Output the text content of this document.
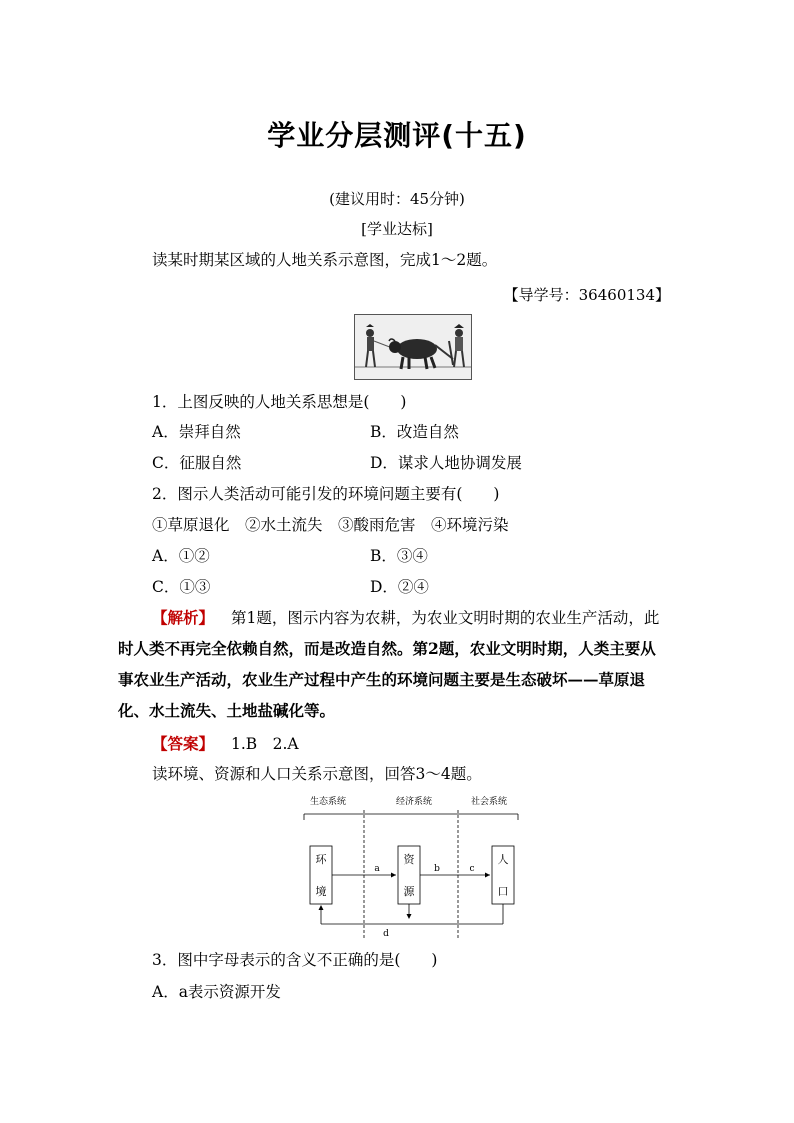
学业分层测评(十五)
(建议用时：45分钟)
[学业达标]
读某时期某区域的人地关系示意图，完成1～2题。
【导学号：36460134】
1．上图反映的人地关系思想是(　　)
A．崇拜自然	B．改造自然
C．征服自然	D．谋求人地协调发展
2．图示人类活动可能引发的环境问题主要有(　　)
①草原退化　②水土流失　③酸雨危害　④环境污染
A．①②	B．③④
C．①③	D．②④
【解析】 第1题，图示内容为农耕，为农业文明时期的农业生产活动，此
时人类不再完全依赖自然，而是改造自然。第2题，农业文明时期，人类主要从
事农业生产活动，农业生产过程中产生的环境问题主要是生态破坏——草原退
化、水土流失、土地盐碱化等。
【答案】 1.B　2.A
读环境、资源和人口关系示意图，回答3～4题。
生态系统	经济系统	社会系统
环
境
资
源
人
口
a	b	c
d
3．图中字母表示的含义不正确的是(　　)
A．a表示资源开发
